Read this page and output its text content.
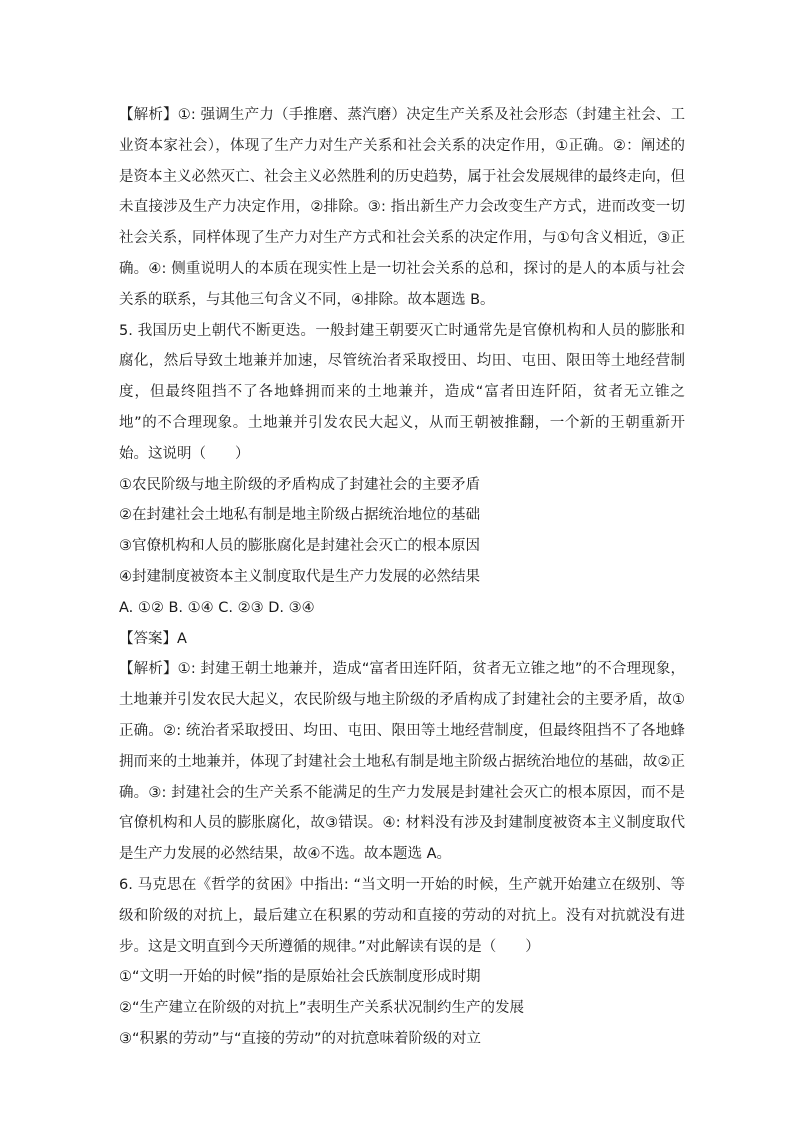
【解析】①: 强调生产力（手推磨、蒸汽磨）决定生产关系及社会形态（封建主社会、工业资本家社会），体现了生产力对生产关系和社会关系的决定作用，①正确。②：阐述的是资本主义必然灭亡、社会主义必然胜利的历史趋势，属于社会发展规律的最终走向，但未直接涉及生产力决定作用，②排除。③: 指出新生产力会改变生产方式，进而改变一切社会关系，同样体现了生产力对生产方式和社会关系的决定作用，与①句含义相近，③正确。④: 侧重说明人的本质在现实性上是一切社会关系的总和，探讨的是人的本质与社会关系的联系，与其他三句含义不同，④排除。故本题选 B。

5. 我国历史上朝代不断更迭。一般封建王朝要灭亡时通常先是官僚机构和人员的膨胀和腐化，然后导致土地兼并加速，尽管统治者采取授田、均田、屯田、限田等土地经营制度，但最终阻挡不了各地蜂拥而来的土地兼并，造成“富者田连阡陌，贫者无立锥之地”的不合理现象。土地兼并引发农民大起义，从而王朝被推翻，一个新的王朝重新开始。这说明（　　）

①农民阶级与地主阶级的矛盾构成了封建社会的主要矛盾

②在封建社会土地私有制是地主阶级占据统治地位的基础

③官僚机构和人员的膨胀腐化是封建社会灭亡的根本原因

④封建制度被资本主义制度取代是生产力发展的必然结果

A. ①② B. ①④ C. ②③ D. ③④

【答案】A

【解析】①: 封建王朝土地兼并，造成“富者田连阡陌，贫者无立锥之地”的不合理现象，土地兼并引发农民大起义，农民阶级与地主阶级的矛盾构成了封建社会的主要矛盾，故①正确。②: 统治者采取授田、均田、屯田、限田等土地经营制度，但最终阻挡不了各地蜂拥而来的土地兼并，体现了封建社会土地私有制是地主阶级占据统治地位的基础，故②正确。③: 封建社会的生产关系不能满足的生产力发展是封建社会灭亡的根本原因，而不是官僚机构和人员的膨胀腐化，故③错误。④: 材料没有涉及封建制度被资本主义制度取代是生产力发展的必然结果，故④不选。故本题选 A。

6. 马克思在《哲学的贫困》中指出: “当文明一开始的时候，生产就开始建立在级别、等级和阶级的对抗上，最后建立在积累的劳动和直接的劳动的对抗上。没有对抗就没有进步。这是文明直到今天所遵循的规律。”对此解读有误的是（　　）

①“文明一开始的时候”指的是原始社会氏族制度形成时期

②“生产建立在阶级的对抗上”表明生产关系状况制约生产的发展

③“积累的劳动”与“直接的劳动”的对抗意味着阶级的对立
